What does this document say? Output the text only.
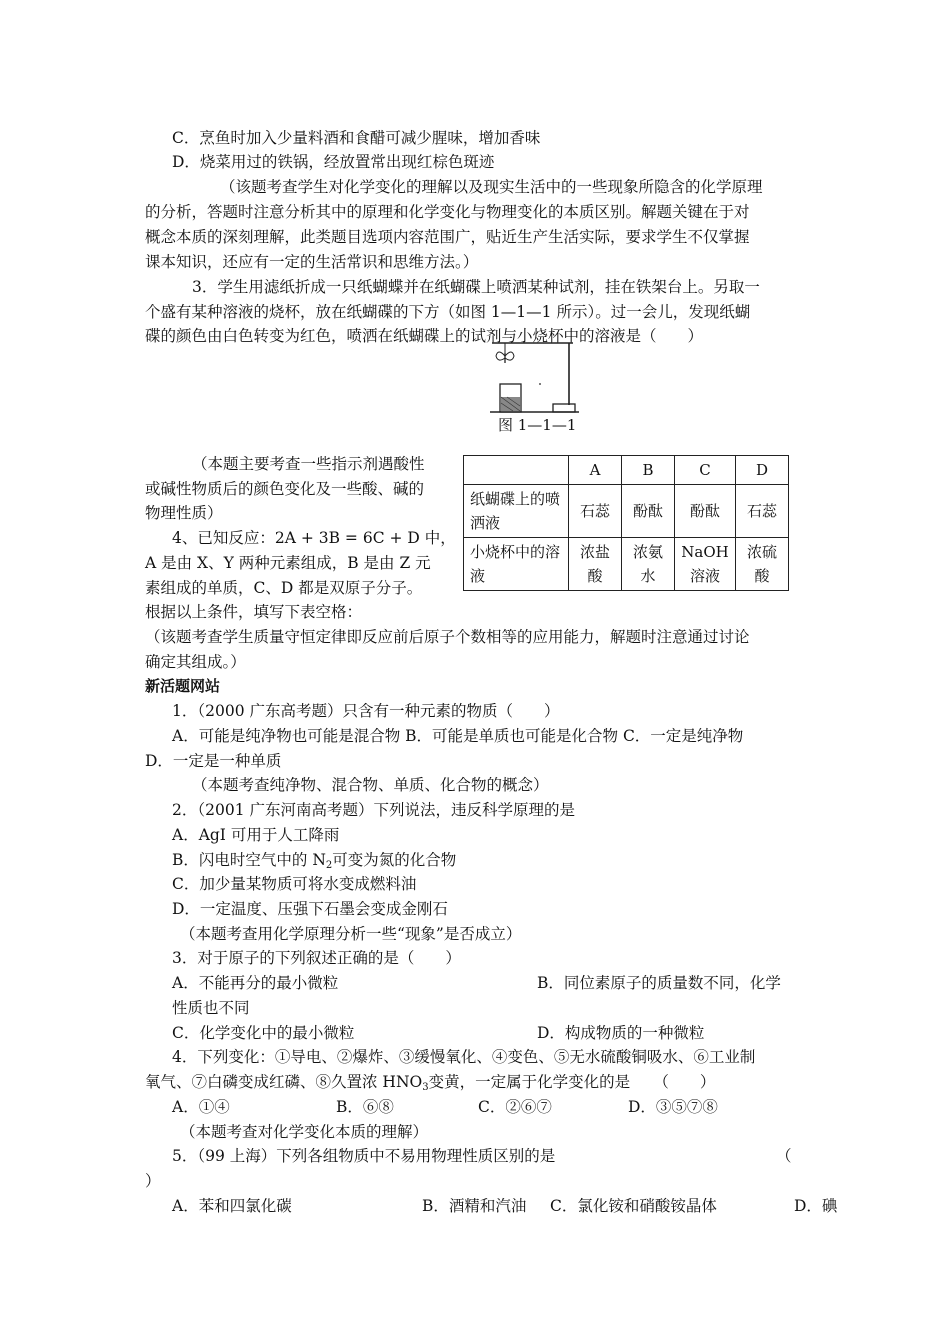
C．烹鱼时加入少量料酒和食醋可减少腥味，增加香味
D．烧菜用过的铁锅，经放置常出现红棕色斑迹
（该题考查学生对化学变化的理解以及现实生活中的一些现象所隐含的化学原理
的分析，答题时注意分析其中的原理和化学变化与物理变化的本质区别。解题关键在于对
概念本质的深刻理解，此类题目选项内容范围广，贴近生产生活实际，要求学生不仅掌握
课本知识，还应有一定的生活常识和思维方法。）
3．学生用滤纸折成一只纸蝴蝶并在纸蝴碟上喷洒某种试剂，挂在铁架台上。另取一
个盛有某种溶液的烧杯，放在纸蝴碟的下方（如图 1—1—1 所示）。过一会儿，发现纸蝴
碟的颜色由白色转变为红色，喷洒在纸蝴碟上的试剂与小烧杯中的溶液是（　　）
图 1—1—1
（本题主要考查一些指示剂遇酸性
或碱性物质后的颜色变化及一些酸、碱的
物理性质）
4、已知反应：2A + 3B = 6C + D 中，
A 是由 X、Y 两种元素组成，B 是由 Z 元
素组成的单质，C、D 都是双原子分子。
根据以上条件，填写下表空格：
	A	B	C	D
纸蝴碟上的喷洒液	石蕊	酚酞	酚酞	石蕊
小烧杯中的溶液	浓盐酸	浓氨水	NaOH 溶液	浓硫酸
（该题考查学生质量守恒定律即反应前后原子个数相等的应用能力，解题时注意通过讨论
确定其组成。）
新活题网站
1．（2000 广东高考题）只含有一种元素的物质（　　）
A．可能是纯净物也可能是混合物 B．可能是单质也可能是化合物 C．一定是纯净物
D．一定是一种单质
（本题考查纯净物、混合物、单质、化合物的概念）
2．（2001 广东河南高考题）下列说法，违反科学原理的是
A．AgI 可用于人工降雨
B．闪电时空气中的 $N_2$可变为氮的化合物
C．加少量某物质可将水变成燃料油
D．一定温度、压强下石墨会变成金刚石
（本题考查用化学原理分析一些“现象”是否成立）
3．对于原子的下列叙述正确的是（　　）
A．不能再分的最小微粒	B．同位素原子的质量数不同，化学
性质也不同
C．化学变化中的最小微粒	D．构成物质的一种微粒
4．下列变化：①导电、②爆炸、③缓慢氧化、④变色、⑤无水硫酸铜吸水、⑥工业制
氧气、⑦白磷变成红磷、⑧久置浓 $HNO_3$变黄，一定属于化学变化的是　　（　　）
A．①④	B．⑥⑧	C．②⑥⑦	D．③⑤⑦⑧
（本题考查对化学变化本质的理解）
5．（99 上海）下列各组物质中不易用物理性质区别的是	（
）
A．苯和四氯化碳	B．酒精和汽油 C．氯化铵和硝酸铵晶体	D．碘
